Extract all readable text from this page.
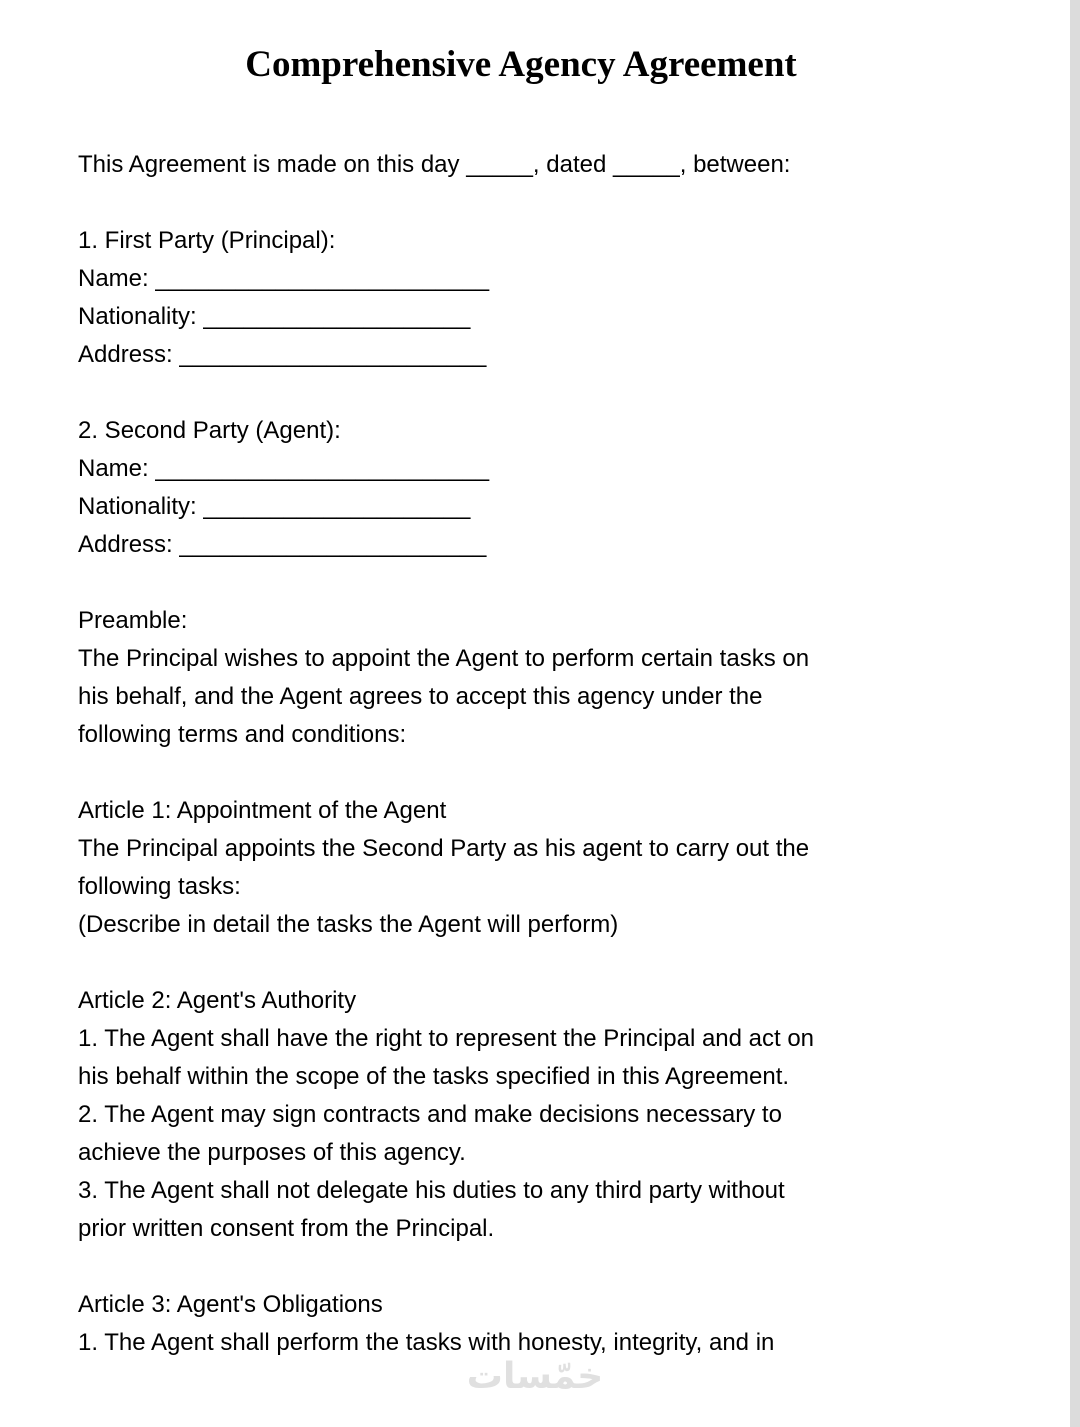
Comprehensive Agency Agreement
This Agreement is made on this day _____, dated _____, between:
1. First Party (Principal):
Name: _________________________
Nationality: ____________________
Address: _______________________
2. Second Party (Agent):
Name: _________________________
Nationality: ____________________
Address: _______________________
Preamble:
The Principal wishes to appoint the Agent to perform certain tasks on
his behalf, and the Agent agrees to accept this agency under the
following terms and conditions:
Article 1: Appointment of the Agent
The Principal appoints the Second Party as his agent to carry out the
following tasks:
(Describe in detail the tasks the Agent will perform)
Article 2: Agent's Authority
1. The Agent shall have the right to represent the Principal and act on
his behalf within the scope of the tasks specified in this Agreement.
2. The Agent may sign contracts and make decisions necessary to
achieve the purposes of this agency.
3. The Agent shall not delegate his duties to any third party without
prior written consent from the Principal.
Article 3: Agent's Obligations
1. The Agent shall perform the tasks with honesty, integrity, and in
خمّسات
